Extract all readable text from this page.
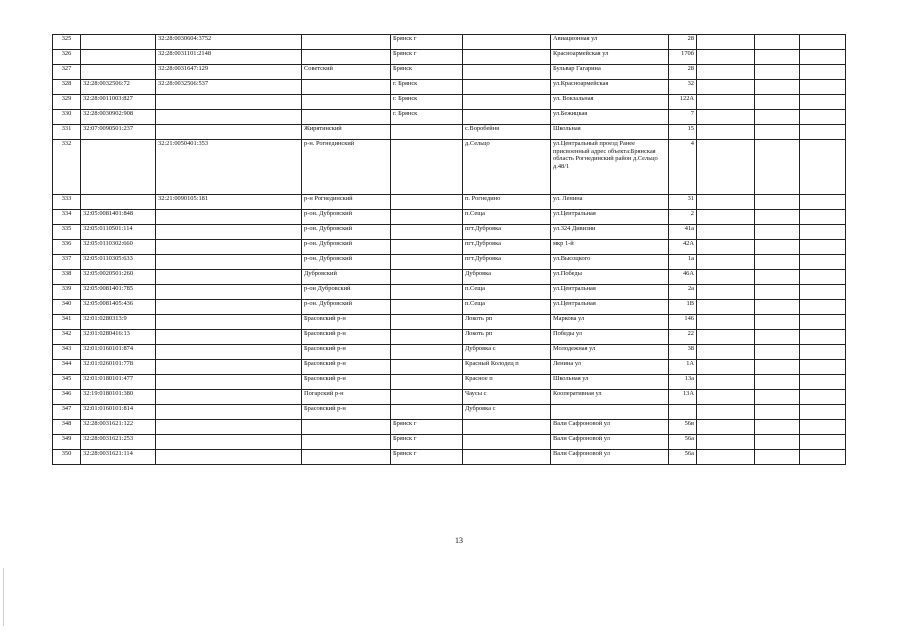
325		32:28:0030604:3752		Брянск г		Авиационная ул	28			
326		32:28:0031101:2148		Брянск г		Красноармейская ул	170б			
327		32:28:0031647:129	Советский	Брянск		Бульвар Гагарина	28			
328	32:28:0032506:72	32:28:0032506:537		г. Брянск		ул.Красноармейская	32			
329	32:28:0011003:827			г. Брянск		ул. Вокзальная	122А			
330	32:28:0030902:908			г. Брянск		ул.Бежицкая	7			
331	32:07:0090501:237		Жирятинский		с.Воробейня	Школьная	15			
332		32:21:0050401:353	р-н. Рогнединский		д.Сельцо	ул.Центральный проезд Ранее присвоенный адрес объекта:Брянская область Рогнединский район д.Сельцо д.48/1	4			
333		32:21:0090105:181	р-н Рогнединский		п. Рогнедино	ул. Ленина	31			
334	32:05:0081401:848		р-он. Дубровский		п.Сеща	ул.Центральная	2			
335	32:05:0110501:114		р-он. Дубровский		пгт.Дубровка	ул.324 Дивизии	41а			
336	32:05:0110302:660		р-он. Дубровский		пгт.Дубровка	мкр 1-й	42А			
337	32:05:0110305:633		р-он. Дубровский		пгт.Дубровка	ул.Высоцкого	1а			
338	32:05:0020501:260		Дубровский		Дубровка	ул.Победы	46А			
339	32:05:0081401:785		р-он Дубровский		п.Сеща	ул.Центральная	2а			
340	32:05:0081405:436		р-он. Дубровский		п.Сеща	ул.Центральная	1В			
341	32:01:0280313:9		Брасовский р-н		Локоть рп	Маркова ул	146			
342	32:01:0280416:13		Брасовский р-н		Локоть рп	Победы ул	22			
343	32:01:0160101:874		Брасовский р-н		Дубровка с	Молодежная ул	38			
344	32:01:0260101:778		Брасовский р-н		Красный Колодец п	Ленина ул	1А			
345	32:01:0180101:477		Брасовский р-н		Красное п	Школьная ул	13а			
346	32:19:0180101:380		Погарский р-н		Чаусы с	Кооперативная ул	13А			
347	32:01:0160101:814		Брасовский р-н		Дубровка с					
348	32:28:0031621:122			Брянск г		Вали Сафроновой ул	56в			
349	32:28:0031621:253			Брянск г		Вали Сафроновой ул	56а			
350	32:28:0031621:114			Брянск г		Вали Сафроновой ул	56а			
13
